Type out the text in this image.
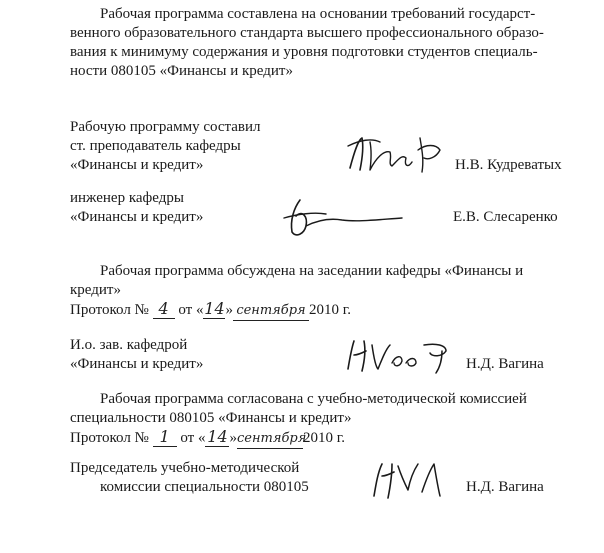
Рабочая программа составлена на основании требований государст-
венного образовательного стандарта высшего профессионального образо-
вания к минимуму содержания и уровня подготовки студентов специаль-
ности 080105 «Финансы и кредит»
Рабочую программу составил
ст. преподаватель кафедры
«Финансы и кредит»	Н.В. Кудреватых
инженер кафедры
«Финансы и кредит»	Е.В. Слесаренко
Рабочая программа обсуждена на заседании кафедры «Финансы и
кредит»
Протокол № 4 от «14» сентября 2010 г.
И.о. зав. кафедрой
«Финансы и кредит»	Н.Д. Вагина
Рабочая программа согласована с учебно-методической комиссией
специальности 080105 «Финансы и кредит»
Протокол № 1 от « 14 »сентября2010 г.
Председатель учебно-методической
комиссии специальности 080105	Н.Д. Вагина
